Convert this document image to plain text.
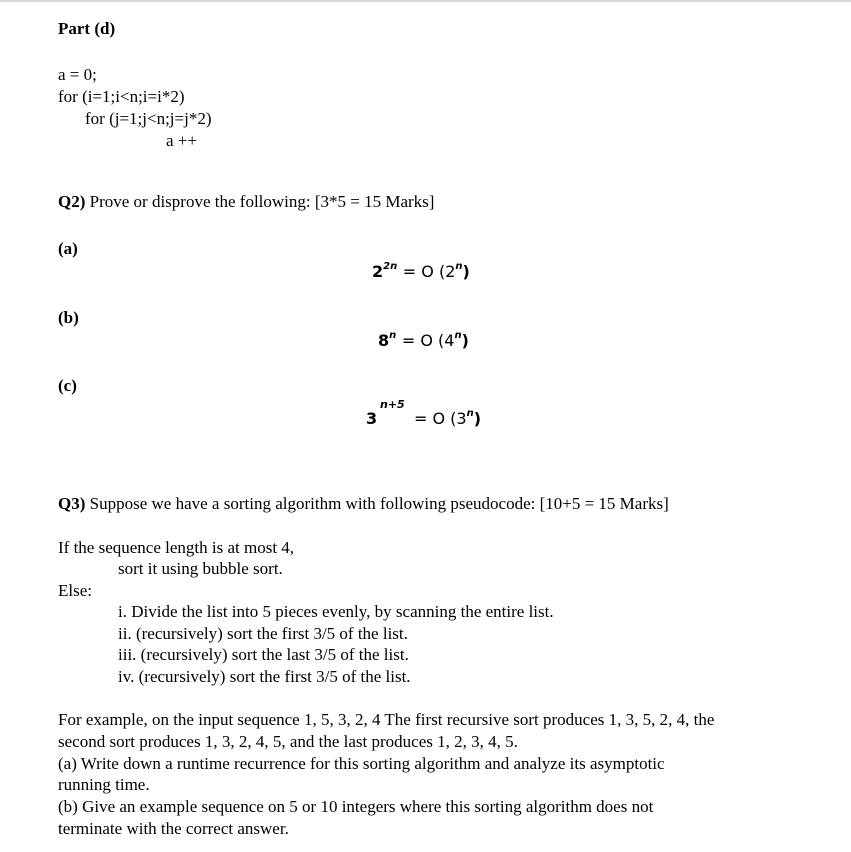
Part (d)
a = 0;
for (i=1;i<n;i=i*2)
for (j=1;j<n;j=j*2)
a ++
Q2) Prove or disprove the following: [3*5 = 15 Marks]
(a)
$2^{2n} = O$ (2$^n$)
(b)
$8^n = O$ (4$^n$)
(c)
3
n+5
= O (3$^n$)
Q3) Suppose we have a sorting algorithm with following pseudocode: [10+5 = 15 Marks]
If the sequence length is at most 4,
sort it using bubble sort.
Else:
i. Divide the list into 5 pieces evenly, by scanning the entire list.
ii. (recursively) sort the first 3/5 of the list.
iii. (recursively) sort the last 3/5 of the list.
iv. (recursively) sort the first 3/5 of the list.
For example, on the input sequence 1, 5, 3, 2, 4 The first recursive sort produces 1, 3, 5, 2, 4, the
second sort produces 1, 3, 2, 4, 5, and the last produces 1, 2, 3, 4, 5.
(a) Write down a runtime recurrence for this sorting algorithm and analyze its asymptotic
running time.
(b) Give an example sequence on 5 or 10 integers where this sorting algorithm does not
terminate with the correct answer.
